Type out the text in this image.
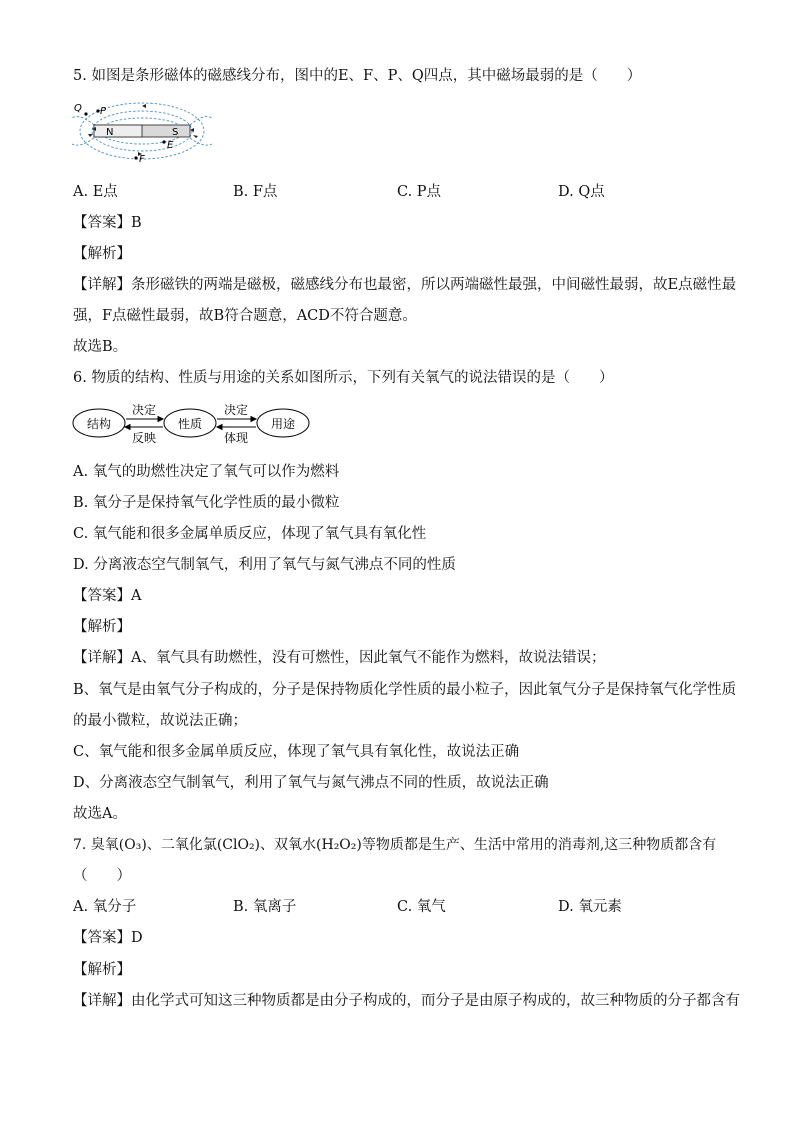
5. 如图是条形磁体的磁感线分布，图中的E、F、P、Q四点，其中磁场最弱的是（　　）
N	S
Q P
E
F
A. E点	B. F点	C. P点	D. Q点
【答案】B
【解析】
【详解】条形磁铁的两端是磁极，磁感线分布也最密，所以两端磁性最强，中间磁性最弱，故E点磁性最
强，F点磁性最弱，故B符合题意，ACD不符合题意。
故选B。
6. 物质的结构、性质与用途的关系如图所示，下列有关氧气的说法错误的是（　　）
结构	性质	用途
决定
反映
决定
体现
A. 氧气的助燃性决定了氧气可以作为燃料
B. 氧分子是保持氧气化学性质的最小微粒
C. 氧气能和很多金属单质反应，体现了氧气具有氧化性
D. 分离液态空气制氧气，利用了氧气与氮气沸点不同的性质
【答案】A
【解析】
【详解】A、氧气具有助燃性，没有可燃性，因此氧气不能作为燃料，故说法错误；
B、氧气是由氧气分子构成的，分子是保持物质化学性质的最小粒子，因此氧气分子是保持氧气化学性质
的最小微粒，故说法正确；
C、氧气能和很多金属单质反应，体现了氧气具有氧化性，故说法正确
D、分离液态空气制氧气，利用了氧气与氮气沸点不同的性质，故说法正确
故选A。
7. 臭氧(O₃)、二氧化氯(ClO₂)、双氧水(H₂O₂)等物质都是生产、生活中常用的消毒剂,这三种物质都含有
（　　）
A. 氧分子	B. 氧离子	C. 氧气	D. 氧元素
【答案】D
【解析】
【详解】由化学式可知这三种物质都是由分子构成的，而分子是由原子构成的，故三种物质的分子都含有
